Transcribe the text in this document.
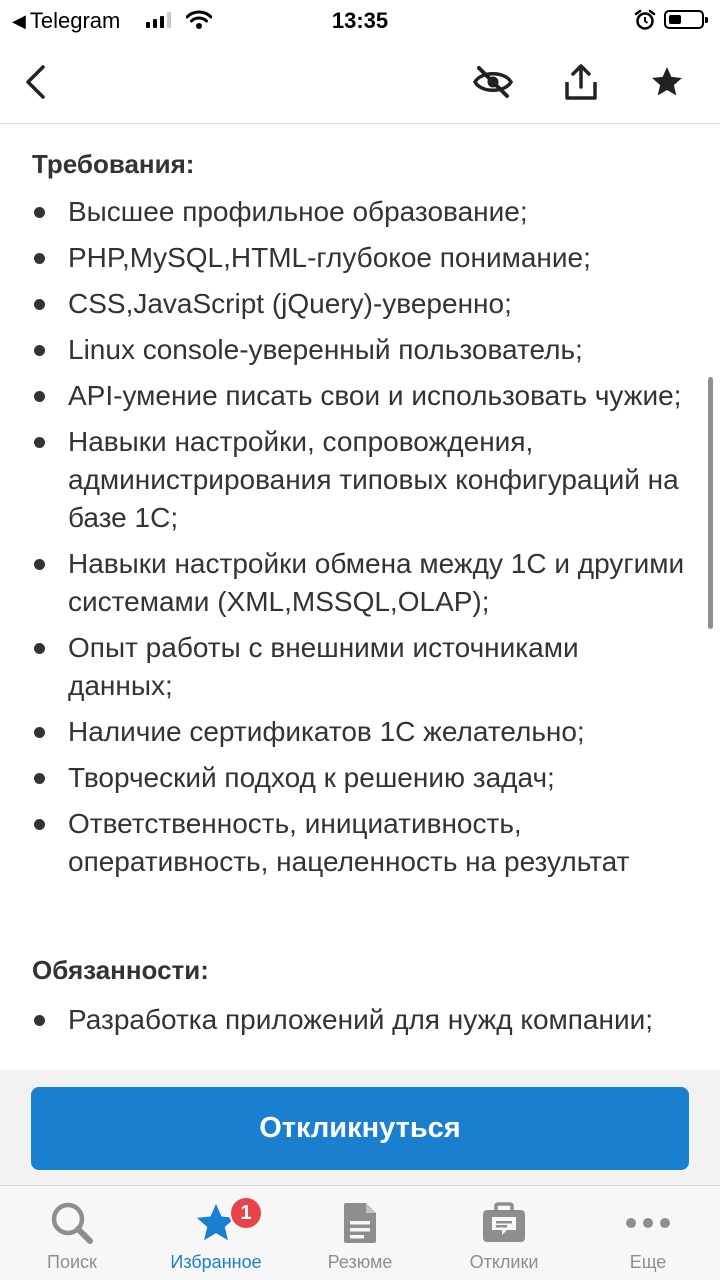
◀ Telegram	13:35
Требования:
Высшее профильное образование;
PHP,MySQL,HTML-глубокое понимание;
CSS,JavaScript (jQuery)-уверенно;
Linux console-уверенный пользователь;
API-умение писать свои и использовать чужие;
Навыки настройки, сопровождения, администрирования типовых конфигураций на базе 1С;
Навыки настройки обмена между 1С и другими системами (XML,MSSQL,OLAP);
Опыт работы с внешними источниками данных;
Наличие сертификатов 1С желательно;
Творческий подход к решению задач;
Ответственность, инициативность, оперативность, нацеленность на результат
Обязанности:
Разработка приложений для нужд компании;
Откликнуться
Поиск
1
Избранное	Резюме	Отклики	Еще
